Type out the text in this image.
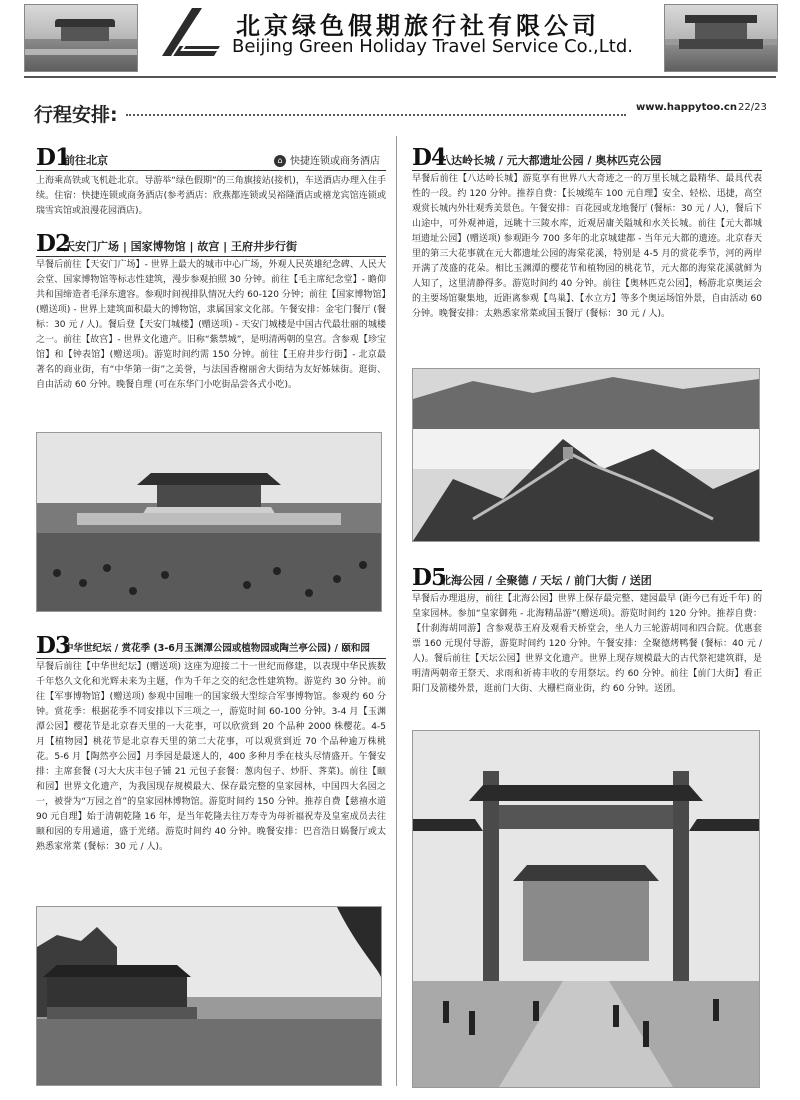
北京绿色假期旅行社有限公司
Beijing Green Holiday Travel Service Co.,Ltd.
行程安排:	www.happytoo.cn 22/23
D1
前往北京	⌂ 快捷连锁或商务酒店
上海乘高铁或飞机赴北京。导游举“绿色假期”的三角旗接站(接机)，车送酒店办理入住手续。住宿：快捷连锁或商务酒店(参考酒店：欣燕都连锁或吴裕隆酒店或禧龙宾馆连锁或瑞雪宾馆或浪漫花园酒店)。
D2
天安门广场 | 国家博物馆 | 故宫 | 王府井步行街
早餐后前往【天安门广场】- 世界上最大的城市中心广场，外观人民英雄纪念碑、人民大会堂、国家博物馆等标志性建筑，漫步参观拍照 30 分钟。前往【毛主席纪念堂】- 瞻仰共和国缔造者毛泽东遗容。参观时间视排队情况大约 60-120 分钟；前往【国家博物馆】(赠送项) - 世界上建筑面积最大的博物馆，隶属国家文化部。午餐安排：金宅门餐厅 (餐标：30 元 / 人)。餐后登【天安门城楼】(赠送项) - 天安门城楼是中国古代最壮丽的城楼之一。前往【故宫】- 世界文化遗产。旧称“紫禁城”，是明清两朝的皇宫。含参观【珍宝馆】和【钟表馆】(赠送项)。游览时间约需 150 分钟。前往【王府井步行街】- 北京最著名的商业街，有“中华第一街”之美誉，与法国香榭丽舍大街结为友好姊妹街。逛街、自由活动 60 分钟。晚餐自理 (可在东华门小吃街品尝各式小吃)。
D3
中华世纪坛 / 赏花季 (3-6月玉渊潭公园或植物园或陶兰亭公园) / 颐和园
早餐后前往【中华世纪坛】(赠送项) 这座为迎接二十一世纪而修建，以表现中华民族数千年悠久文化和光辉未来为主题，作为千年之交的纪念性建筑物。游览约 30 分钟。前往【军事博物馆】(赠送项) 参观中国唯一的国家级大型综合军事博物馆。参观约 60 分钟。赏花季：根据花季不同安排以下三项之一，游览时间 60-100 分钟。3-4 月【玉渊潭公园】樱花节是北京春天里的一大花事，可以欣赏到 20 个品种 2000 株樱花。4-5 月【植物园】桃花节是北京春天里的第二大花事，可以观赏到近 70 个品种逾万株桃花。5-6 月【陶然亭公园】月季园是最迷人的，400 多种月季在枝头尽情盛开。午餐安排：主席套餐 (习大大庆丰包子铺 21 元包子套餐：葱肉包子、炒肝、荠菜)。前往【颐和园】世界文化遗产，为我国现存规模最大、保存最完整的皇家园林，中国四大名园之一，被誉为“万园之首”的皇家园林博物馆。游览时间约 150 分钟。推荐自费【慈禧水道 90 元自理】始于清朝乾隆 16 年，是当年乾隆去往万寿寺为母祈福祝寿及皇室成员去往颐和园的专用通道，盛于光绪。游览时间约 40 分钟。晚餐安排：巴音浩日娲餐厅或太熟悉家常菜 (餐标：30 元 / 人)。
D4
八达岭长城 / 元大都遗址公园 / 奥林匹克公园
早餐后前往【八达岭长城】游览享有世界八大奇迹之一的万里长城之最精华、最具代表性的一段。约 120 分钟。推荐自费：【长城缆车 100 元自理】安全、轻松、迅捷，高空观赏长城内外壮观秀美景色。午餐安排：百花园或龙地餐厅 (餐标：30 元 / 人)，餐后下山途中，可外观神道，远眺十三陵水库，近观居庸关隘城和水关长城。前往【元大都城垣遗址公园】(赠送项) 参观距今 700 多年的北京城建都 - 当年元大都的遗迹。北京春天里的第三大花事就在元大都遗址公园的海棠花溪，特别是 4-5 月的赏花季节，河的两岸开满了茂盛的花朵。相比玉渊潭的樱花节和植物园的桃花节，元大都的海棠花溪就鲜为人知了，这里清静得多。游览时间约 40 分钟。前往【奥林匹克公园】，畅游北京奥运会的主要场馆聚集地，近距离参观【鸟巢】、【水立方】等多个奥运场馆外景，自由活动 60 分钟。晚餐安排：太熟悉家常菜或国玉餐厅 (餐标：30 元 / 人)。
D5
北海公园 / 全聚德 / 天坛 / 前门大街 / 送团
早餐后办理退房，前往【北海公园】世界上保存最完整、建园最早 (距今已有近千年) 的皇家园林。参加“皇家御苑 - 北海精品游”(赠送项)。游览时间约 120 分钟。推荐自费：【什刹海胡同游】含参观恭王府及观看天桥堂会，坐人力三轮游胡同和四合院。优惠套票 160 元现付导游，游览时间约 120 分钟。午餐安排：全聚德烤鸭餐 (餐标：40 元 / 人)。餐后前往【天坛公园】世界文化遗产。世界上现存规模最大的古代祭祀建筑群，是明清两朝帝王祭天、求雨和祈祷丰收的专用祭坛。约 60 分钟。前往【前门大街】看正阳门及箭楼外景，逛前门大街、大栅栏商业街，约 60 分钟。送团。
